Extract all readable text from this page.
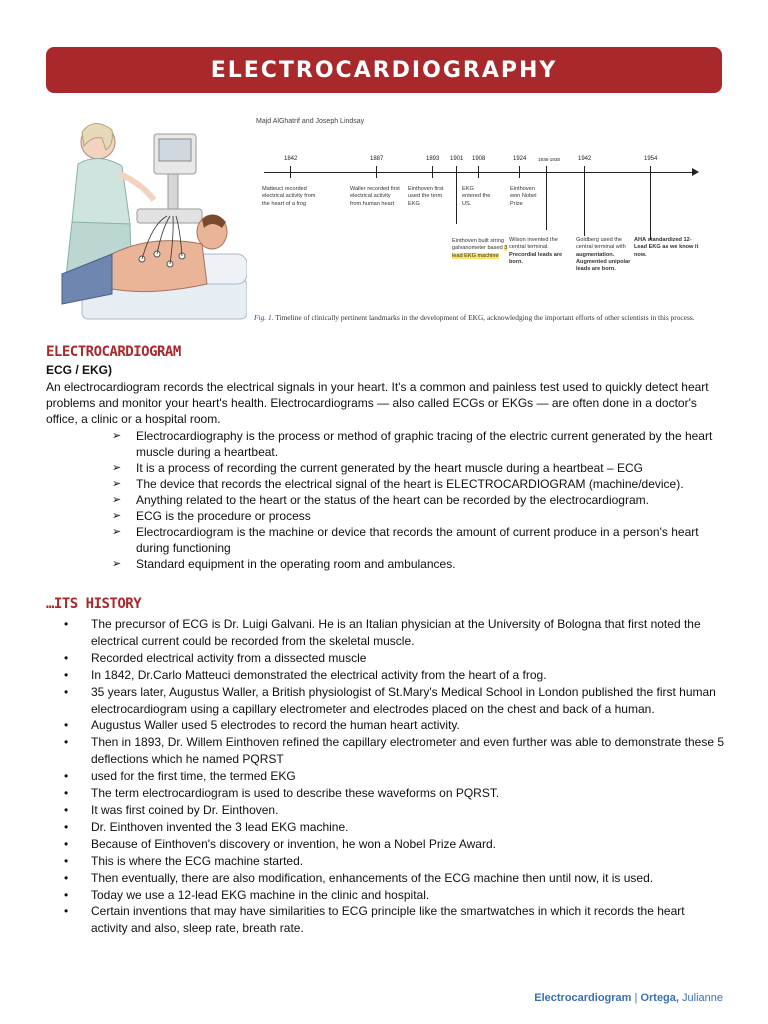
ELECTROCARDIOGRAPHY
Majd AlGhatrif and Joseph Lindsay
1842	1887	1893 1901 1908	1924	1936-1938	1942	1954
Matteuci recorded electrical activity from the heart of a frog
Waller recorded first electrical activity from human heart
Einthoven first used the term EKG
EKG entered the US.
Einthoven won Nobel Prize
Einthoven built string galvanometer based 3 lead EKG machine
Wilson invented the central terminal. Precordial leads are born.
Goldberg used the central terminal with augmentation. Augmented unipolar leads are born.
AHA standardized 12-Lead EKG as we know it now.
Fig. 1. Timeline of clinically pertinent landmarks in the development of EKG, acknowledging the important efforts of other scientists in this process.
ELECTROCARDIOGRAM
ECG / EKG)
An electrocardiogram records the electrical signals in your heart. It's a common and painless test used to quickly detect heart problems and monitor your heart's health. Electrocardiograms — also called ECGs or EKGs — are often done in a doctor's office, a clinic or a hospital room.
➢ Electrocardiography is the process or method of graphic tracing of the electric current generated by the heart muscle during a heartbeat.
➢ It is a process of recording the current generated by the heart muscle during a heartbeat – ECG
➢ The device that records the electrical signal of the heart is ELECTROCARDIOGRAM (machine/device).
➢ Anything related to the heart or the status of the heart can be recorded by the electrocardiogram.
➢ ECG is the procedure or process
➢ Electrocardiogram is the machine or device that records the amount of current produce in a person's heart during functioning
➢ Standard equipment in the operating room and ambulances.
…ITS HISTORY
• The precursor of ECG is Dr. Luigi Galvani. He is an Italian physician at the University of Bologna that first noted the electrical current could be recorded from the skeletal muscle.
• Recorded electrical activity from a dissected muscle
• In 1842, Dr.Carlo Matteuci demonstrated the electrical activity from the heart of a frog.
• 35 years later, Augustus Waller, a British physiologist of St.Mary's Medical School in London published the first human electrocardiogram using a capillary electrometer and electrodes placed on the chest and back of a human.
• Augustus Waller used 5 electrodes to record the human heart activity.
• Then in 1893, Dr. Willem Einthoven refined the capillary electrometer and even further was able to demonstrate these 5 deflections which he named PQRST
• used for the first time, the termed EKG
• The term electrocardiogram is used to describe these waveforms on PQRST.
• It was first coined by Dr. Einthoven.
• Dr. Einthoven invented the 3 lead EKG machine.
• Because of Einthoven's discovery or invention, he won a Nobel Prize Award.
• This is where the ECG machine started.
• Then eventually, there are also modification, enhancements of the ECG machine then until now, it is used.
• Today we use a 12-lead EKG machine in the clinic and hospital.
• Certain inventions that may have similarities to ECG principle like the smartwatches in which it records the heart activity and also, sleep rate, breath rate.
Electrocardiogram | Ortega, Julianne
